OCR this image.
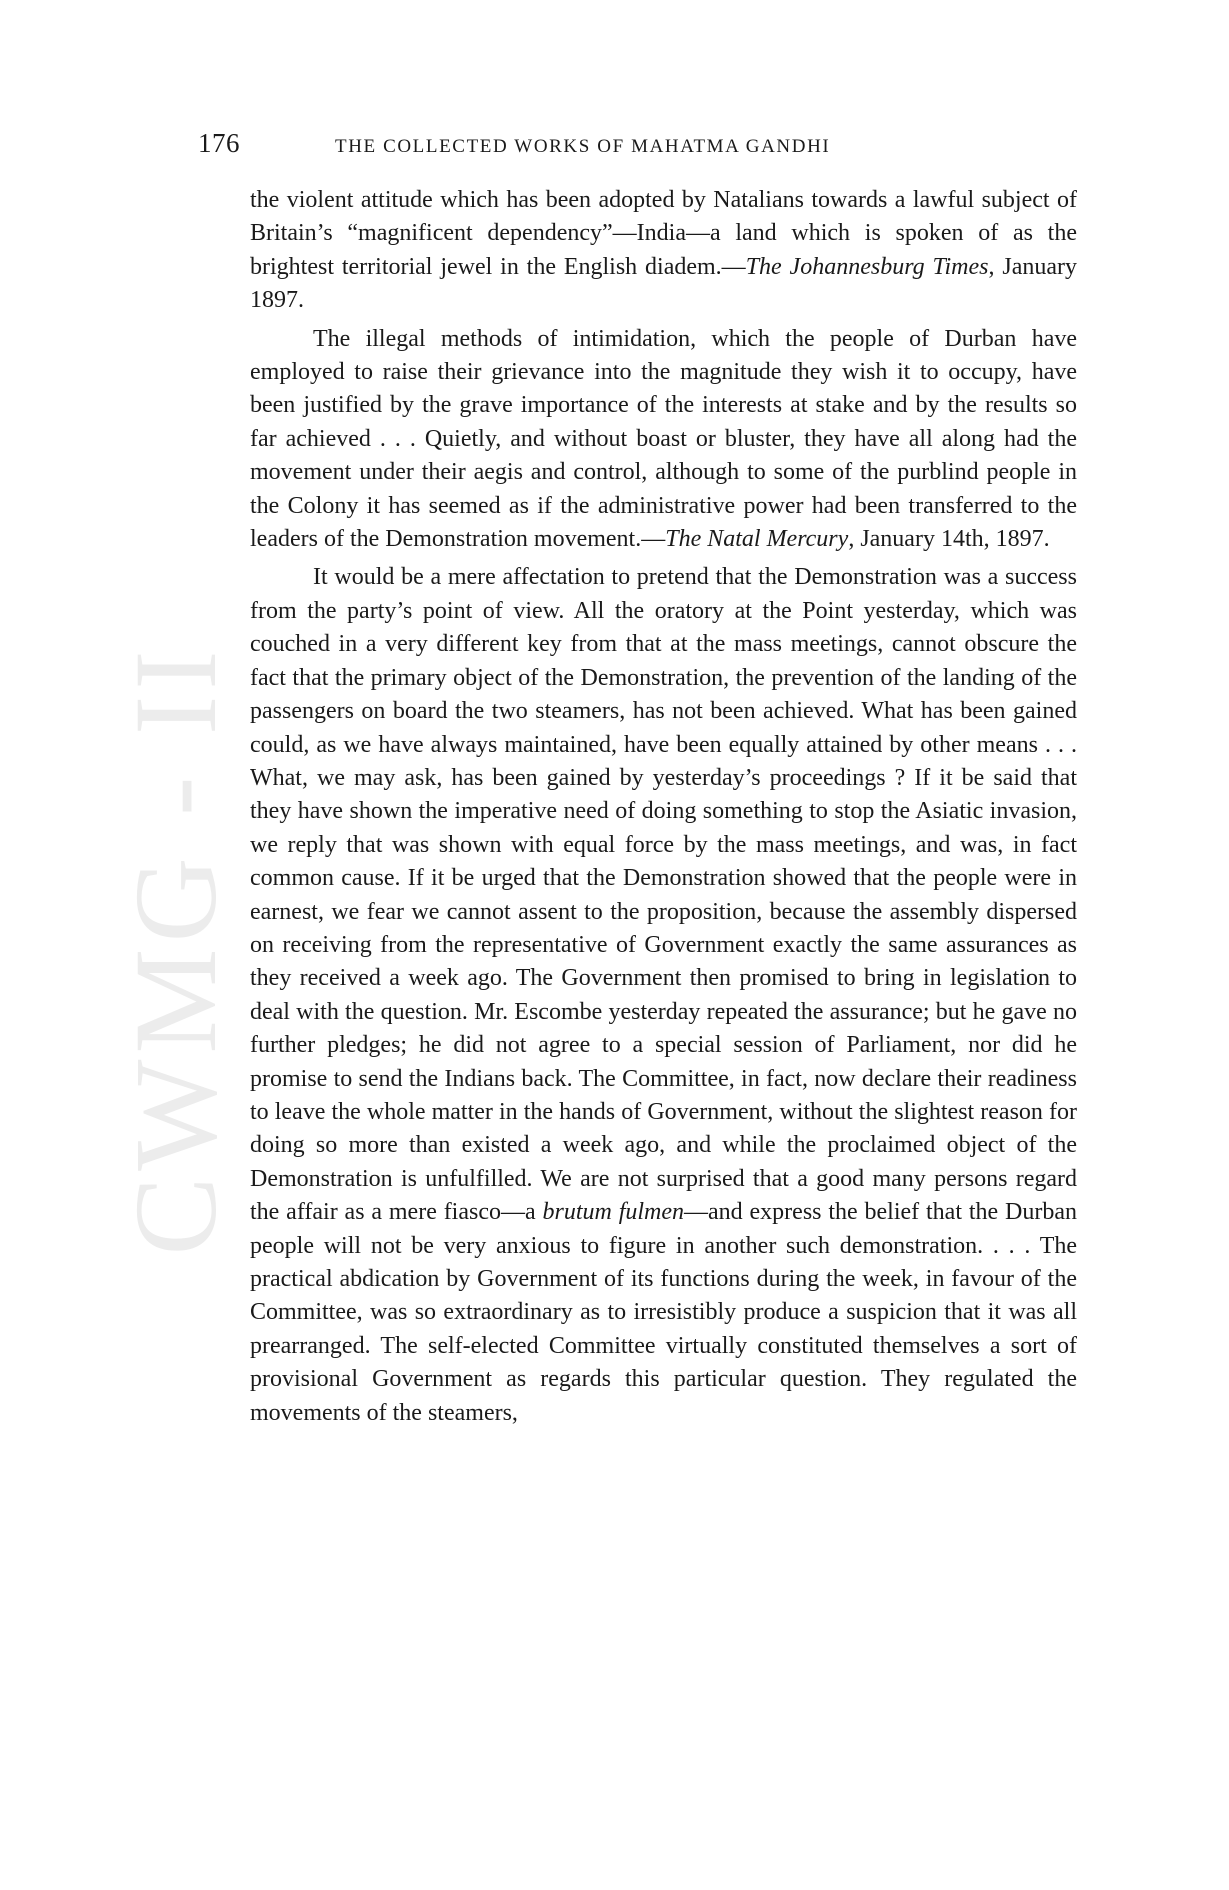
CWMG - II
176	THE COLLECTED WORKS OF MAHATMA GANDHI

the violent attitude which has been adopted by Natalians towards a lawful subject of Britain’s “magnificent dependency”—India—a land which is spoken of as the brightest territorial jewel in the English diadem.—The Johannesburg Times, January 1897.

The illegal methods of intimidation, which the people of Durban have employed to raise their grievance into the magnitude they wish it to occupy, have been justified by the grave importance of the interests at stake and by the results so far achieved . . . Quietly, and without boast or bluster, they have all along had the movement under their aegis and control, although to some of the purblind people in the Colony it has seemed as if the administrative power had been transferred to the leaders of the Demonstration movement.—The Natal Mercury, January 14th, 1897.

It would be a mere affectation to pretend that the Demonstration was a success from the party’s point of view. All the oratory at the Point yesterday, which was couched in a very different key from that at the mass meetings, cannot obscure the fact that the primary object of the Demonstration, the prevention of the landing of the passengers on board the two steamers, has not been achieved. What has been gained could, as we have always maintained, have been equally attained by other means . . . What, we may ask, has been gained by yesterday’s proceedings ? If it be said that they have shown the imperative need of doing something to stop the Asiatic invasion, we reply that was shown with equal force by the mass meetings, and was, in fact common cause. If it be urged that the Demonstration showed that the people were in earnest, we fear we cannot assent to the proposition, because the assembly dispersed on receiving from the representative of Government exactly the same assurances as they received a week ago. The Government then promised to bring in legislation to deal with the question. Mr. Escombe yesterday repeated the assurance; but he gave no further pledges; he did not agree to a special session of Parliament, nor did he promise to send the Indians back. The Committee, in fact, now declare their readiness to leave the whole matter in the hands of Government, without the slightest reason for doing so more than existed a week ago, and while the proclaimed object of the Demonstration is unfulfilled. We are not surprised that a good many persons regard the affair as a mere fiasco—a brutum fulmen—and express the belief that the Durban people will not be very anxious to figure in another such demonstration. . . . The practical abdication by Government of its functions during the week, in favour of the Committee, was so extraordinary as to irresistibly produce a suspicion that it was all prearranged. The self-elected Committee virtually constituted themselves a sort of provisional Government as regards this particular question. They regulated the movements of the steamers,
